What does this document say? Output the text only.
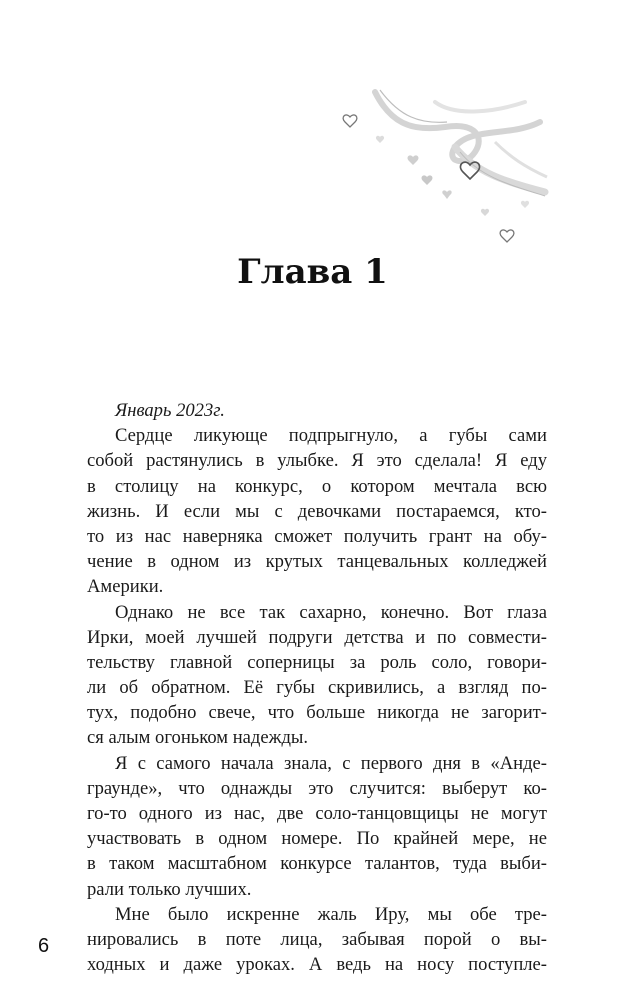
Глава 1
Январь 2023г.
Сердце ликующе подпрыгнуло, а губы сами
собой растянулись в улыбке. Я это сделала! Я еду
в столицу на конкурс, о котором мечтала всю
жизнь. И если мы с девочками постараемся, кто-
то из нас наверняка сможет получить грант на обу-
чение в одном из крутых танцевальных колледжей
Америки.
Однако не все так сахарно, конечно. Вот глаза
Ирки, моей лучшей подруги детства и по совмести-
тельству главной соперницы за роль соло, говори-
ли об обратном. Её губы скривились, а взгляд по-
тух, подобно свече, что больше никогда не загорит-
ся алым огоньком надежды.
Я с самого начала знала, с первого дня в «Анде-
граунде», что однажды это случится: выберут ко-
го-то одного из нас, две соло-танцовщицы не могут
участвовать в одном номере. По крайней мере, не
в таком масштабном конкурсе талантов, туда выби-
рали только лучших.
Мне было искренне жаль Иру, мы обе тре-
нировались в поте лица, забывая порой о вы-
ходных и даже уроках. А ведь на носу поступле-
6
